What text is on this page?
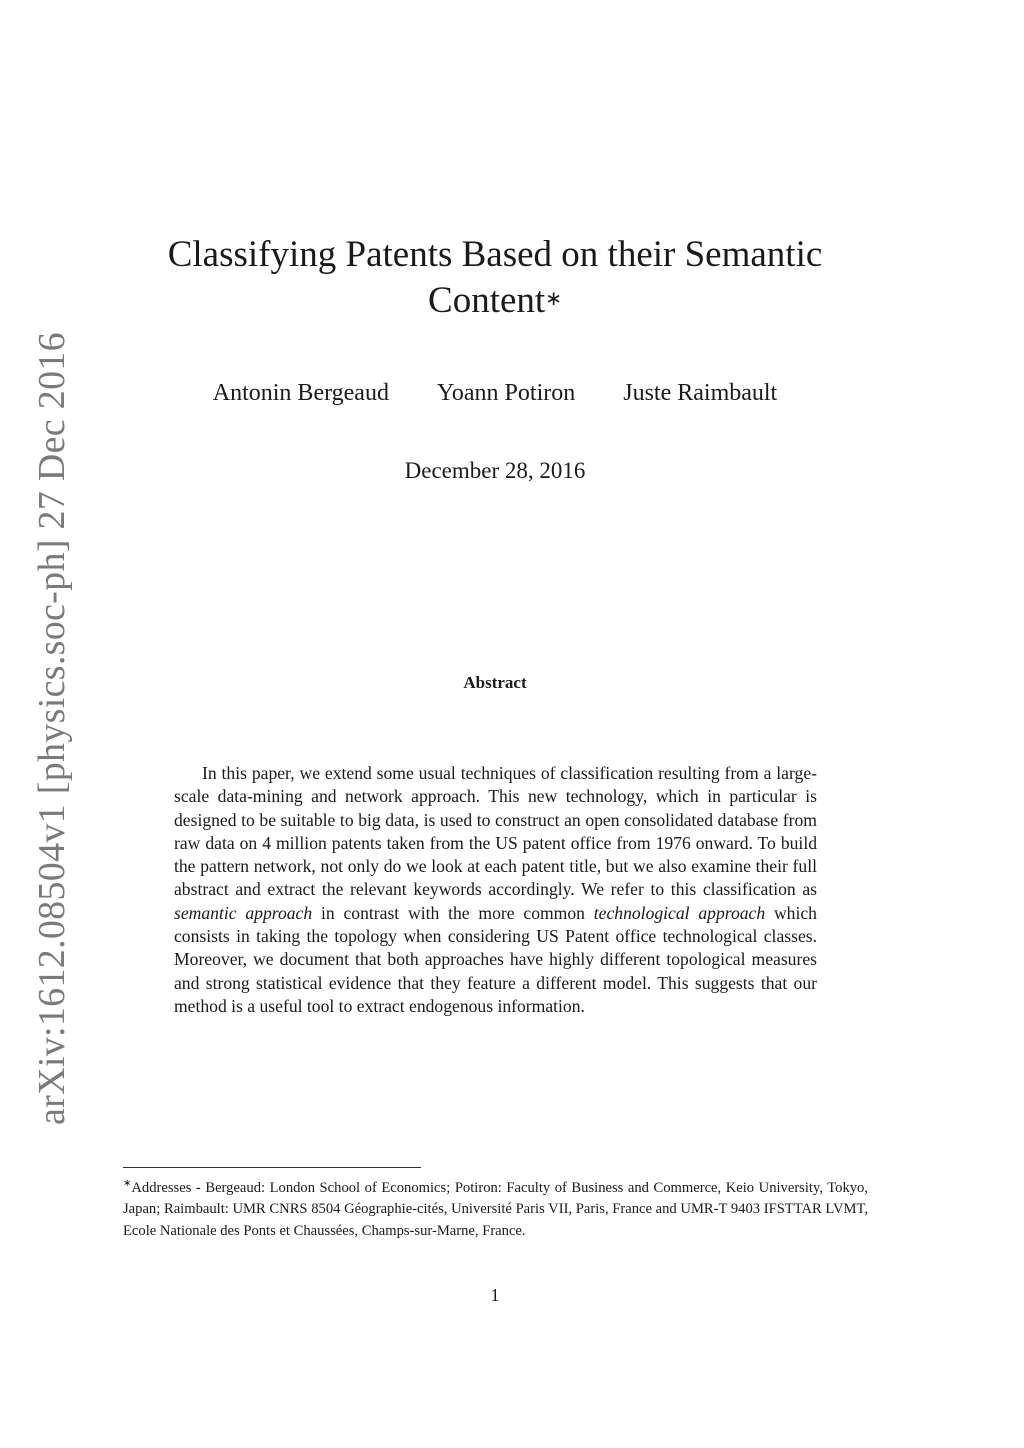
arXiv:1612.08504v1 [physics.soc-ph] 27 Dec 2016
Classifying Patents Based on their Semantic
Content∗
Antonin Bergeaud Yoann Potiron Juste Raimbault
December 28, 2016
Abstract

In this paper, we extend some usual techniques of classification resulting from a large-scale data-mining and network approach. This new technology, which in particular is designed to be suitable to big data, is used to construct an open consolidated database from raw data on 4 million patents taken from the US patent office from 1976 onward. To build the pattern network, not only do we look at each patent title, but we also examine their full abstract and extract the relevant keywords accordingly. We refer to this classification as semantic approach in contrast with the more common technological approach which consists in taking the topology when considering US Patent office technological classes. Moreover, we document that both approaches have highly different topological measures and strong statistical evidence that they feature a different model. This suggests that our method is a useful tool to extract endogenous information.

∗Addresses - Bergeaud: London School of Economics; Potiron: Faculty of Business and Commerce, Keio University, Tokyo, Japan; Raimbault: UMR CNRS 8504 Géographie-cités, Université Paris VII, Paris, France and UMR-T 9403 IFSTTAR LVMT, Ecole Nationale des Ponts et Chaussées, Champs-sur-Marne, France.

1
